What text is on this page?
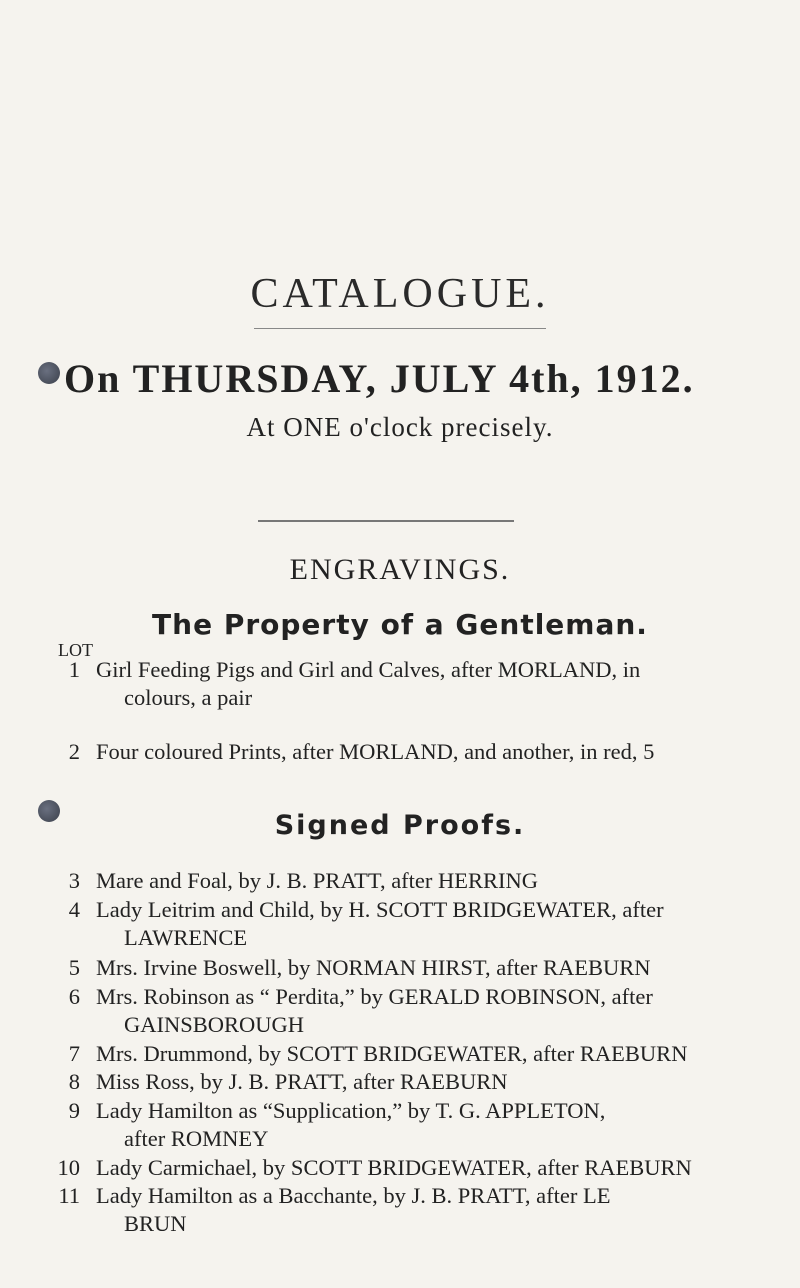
CATALOGUE.
On THURSDAY, JULY 4th, 1912.
At ONE o'clock precisely.
ENGRAVINGS.
The Property of a Gentleman.
LOT
Signed Proofs.
1 Girl Feeding Pigs and Girl and Calves, after MORLAND, in
colours, a pair
2 Four coloured Prints, after MORLAND, and another, in red, 5
3 Mare and Foal, by J. B. PRATT, after HERRING
4 Lady Leitrim and Child, by H. SCOTT BRIDGEWATER, after
LAWRENCE
5 Mrs. Irvine Boswell, by NORMAN HIRST, after RAEBURN
6 Mrs. Robinson as “ Perdita,” by GERALD ROBINSON, after
GAINSBOROUGH
7 Mrs. Drummond, by SCOTT BRIDGEWATER, after RAEBURN
8 Miss Ross, by J. B. PRATT, after RAEBURN
9 Lady Hamilton as “Supplication,” by T. G. APPLETON,
after ROMNEY
10 Lady Carmichael, by SCOTT BRIDGEWATER, after RAEBURN
11 Lady Hamilton as a Bacchante, by J. B. PRATT, after LE
BRUN
